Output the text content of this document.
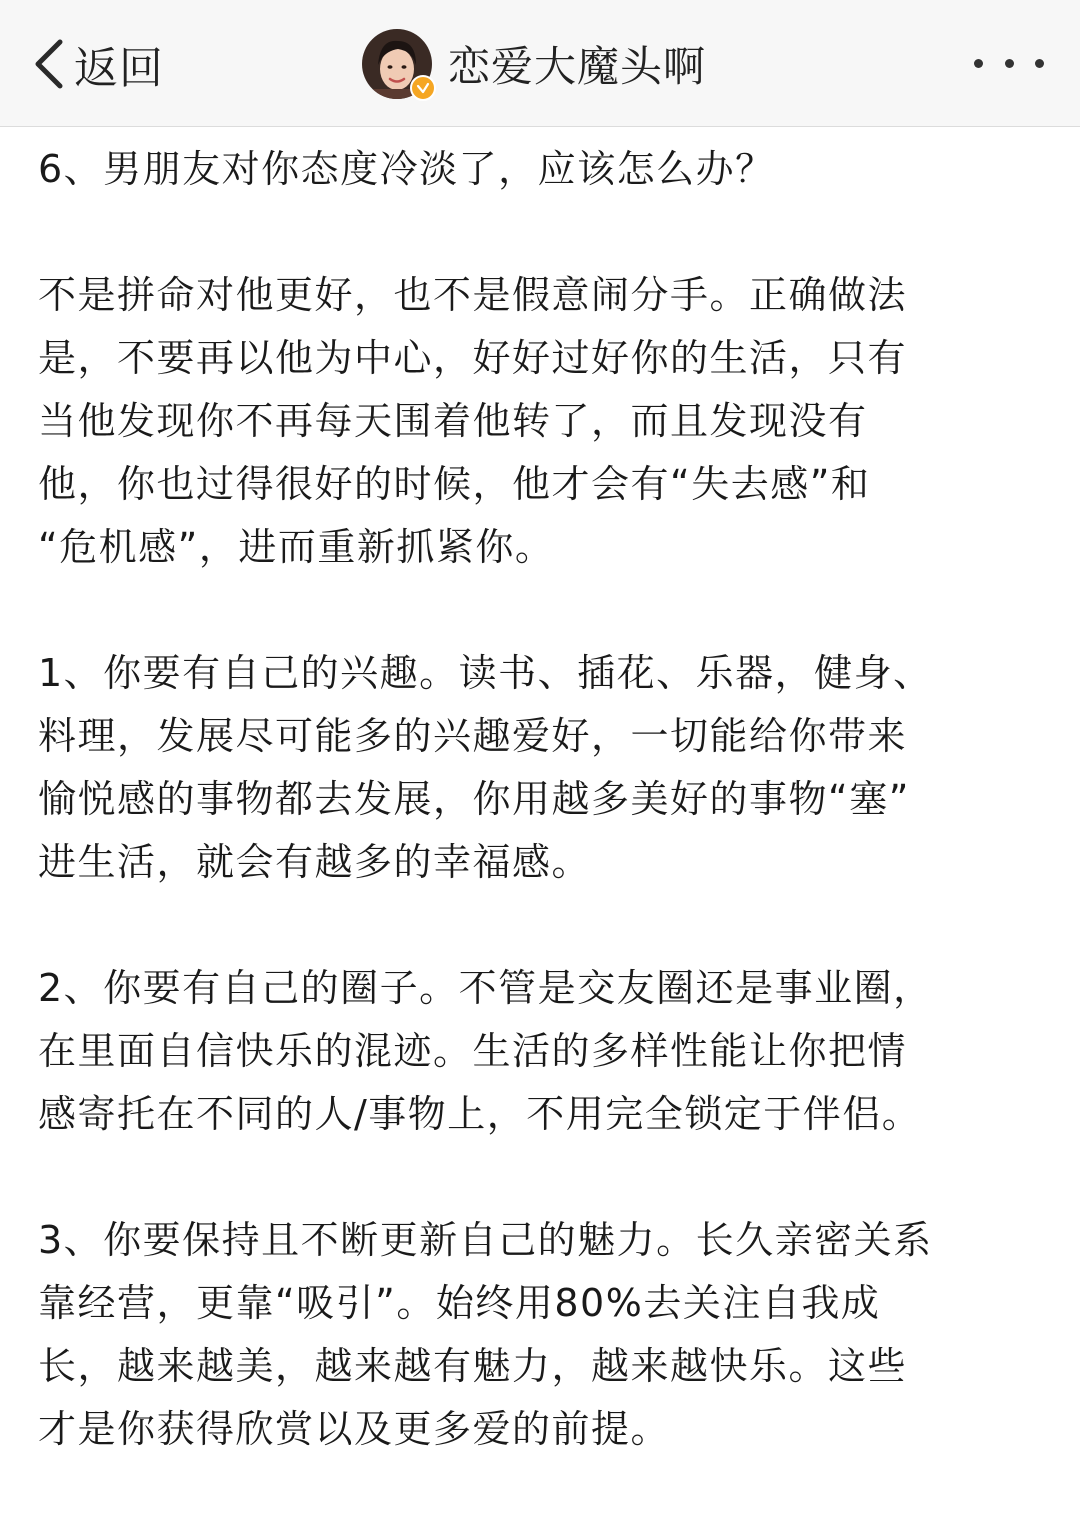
返回	恋爱大魔头啊

6、男朋友对你态度冷淡了，应该怎么办？

不是拼命对他更好，也不是假意闹分手。正确做法
是，不要再以他为中心，好好过好你的生活，只有
当他发现你不再每天围着他转了，而且发现没有
他，你也过得很好的时候，他才会有“失去感”和
“危机感”，进而重新抓紧你。

1、你要有自己的兴趣。读书、插花、乐器，健身、
料理，发展尽可能多的兴趣爱好，一切能给你带来
愉悦感的事物都去发展，你用越多美好的事物“塞”
进生活，就会有越多的幸福感。

2、你要有自己的圈子。不管是交友圈还是事业圈，
在里面自信快乐的混迹。生活的多样性能让你把情
感寄托在不同的人/事物上，不用完全锁定于伴侣。

3、你要保持且不断更新自己的魅力。长久亲密关系
靠经营，更靠“吸引”。始终用80%去关注自我成
长，越来越美，越来越有魅力，越来越快乐。这些
才是你获得欣赏以及更多爱的前提。
